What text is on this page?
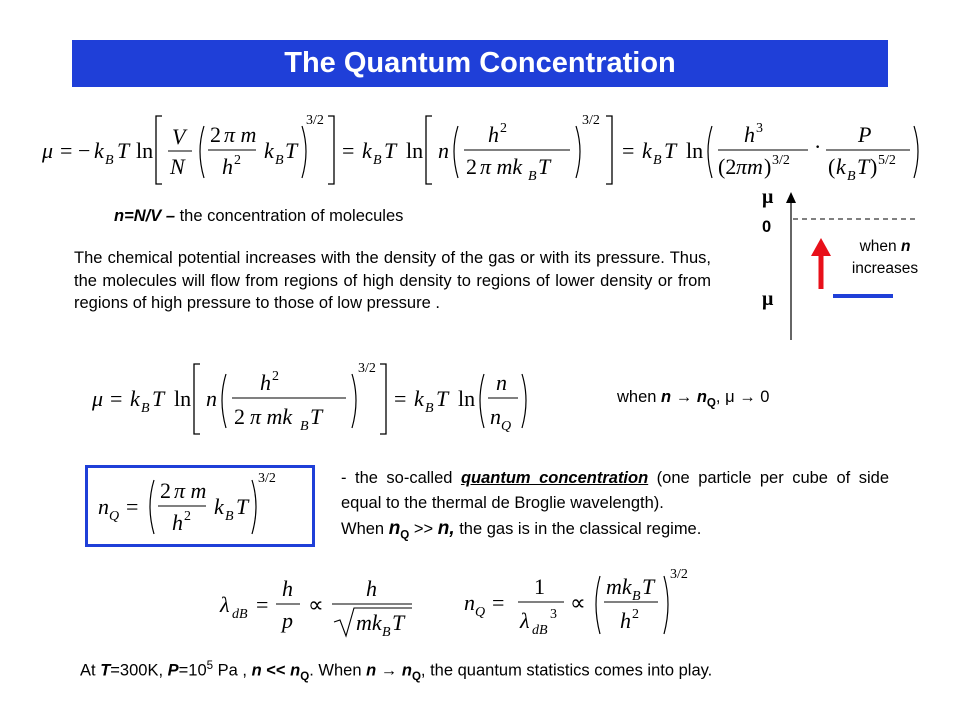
The Quantum Concentration
μ = − k B T ln
V
N
2 π m
h 2 k B T
3/2
= k B T ln n
h 2
2 π mk B T
3/2
= k B T ln
h 3
(2 πm ) 3/2
· P
( k B T ) 5/2
n=N/V – the concentration of molecules
The chemical potential increases with the density of the gas or with its pressure. Thus, the molecules will flow from regions of high density to regions of lower density or from regions of high pressure to those of low pressure .
μ
0
μ
when n
increases
μ = k B T ln n
h 2
2 π mk B T
3/2
= k B T ln
n
n Q
when $n \to n_Q$, μ → 0
n Q =
2 π m
h 2 k B T
3/2	- the so-called quantum concentration (one particle per cube of side equal to the thermal de Broglie wavelength).
When $n_Q >> n$, the gas is in the classical regime.
λ dB =
h
p
∝
h
mk B T
n Q =
1
λ dB
3 ∝
mk B T
h 2
3/2
At T=300K, $P=10^5$ Pa , $n << n_Q$. When $n \to n_Q$, the quantum statistics comes into play.
